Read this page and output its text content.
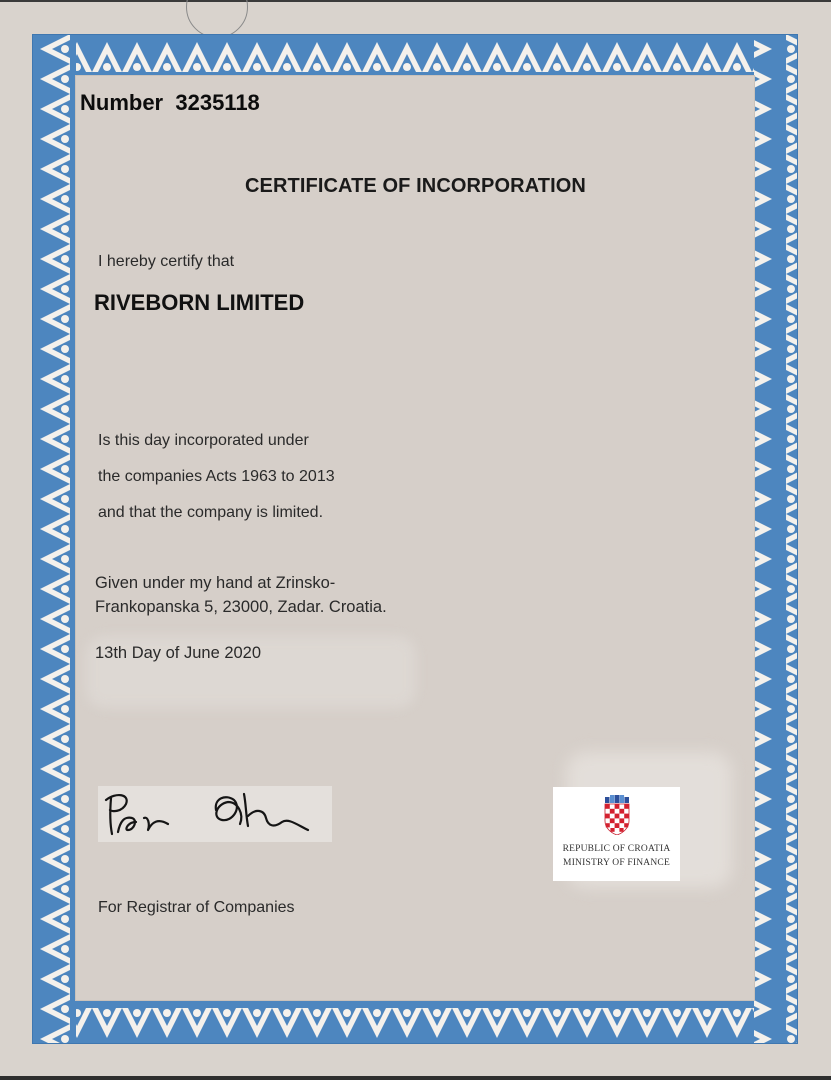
Number 3235118
CERTIFICATE OF INCORPORATION
I hereby certify that
RIVEBORN LIMITED
Is this day incorporated under
the companies Acts 1963 to 2013
and that the company is limited.
Given under my hand at Zrinsko-
Frankopanska 5, 23000, Zadar. Croatia.
13th Day of June 2020
REPUBLIC OF CROATIA
MINISTRY OF FINANCE
For Registrar of Companies
